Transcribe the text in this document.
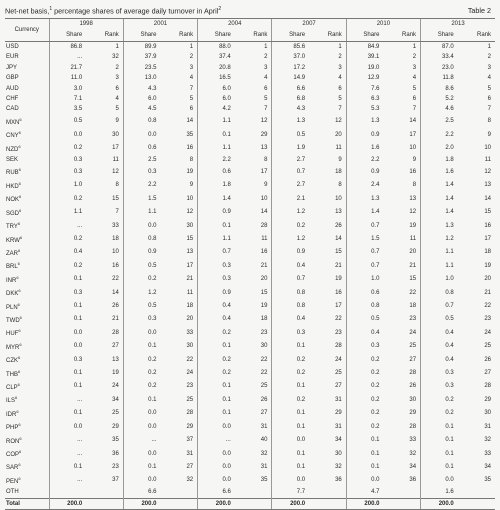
Net-net basis,$^1$ percentage shares of average daily turnover in April$^2$	Table 2
Currency	1998		2001		2004		2007		2010		2013	
	Share	Rank	Share	Rank	Share	Rank	Share	Rank	Share	Rank	Share	Rank
USD	86.8	1	89.9	1	88.0	1	85.6	1	84.9	1	87.0	1
EUR	...	32	37.9	2	37.4	2	37.0	2	39.1	2	33.4	2
JPY	21.7	2	23.5	3	20.8	3	17.2	3	19.0	3	23.0	3
GBP	11.0	3	13.0	4	16.5	4	14.9	4	12.9	4	11.8	4
AUD	3.0	6	4.3	7	6.0	6	6.6	6	7.6	5	8.6	5
CHF	7.1	4	6.0	5	6.0	5	6.8	5	6.3	6	5.2	6
CAD	3.5	5	4.5	6	4.2	7	4.3	7	5.3	7	4.6	7
MXN$^6$	0.5	9	0.8	14	1.1	12	1.3	12	1.3	14	2.5	8
CNY$^6$	0.0	30	0.0	35	0.1	29	0.5	20	0.9	17	2.2	9
NZD$^6$	0.2	17	0.6	16	1.1	13	1.9	11	1.6	10	2.0	10
SEK	0.3	11	2.5	8	2.2	8	2.7	9	2.2	9	1.8	11
RUB$^6$	0.3	12	0.3	19	0.6	17	0.7	18	0.9	16	1.6	12
HKD$^6$	1.0	8	2.2	9	1.8	9	2.7	8	2.4	8	1.4	13
NOK$^6$	0.2	15	1.5	10	1.4	10	2.1	10	1.3	13	1.4	14
SGD$^6$	1.1	7	1.1	12	0.9	14	1.2	13	1.4	12	1.4	15
TRY$^6$	...	33	0.0	30	0.1	28	0.2	26	0.7	19	1.3	16
KRW$^6$	0.2	18	0.8	15	1.1	11	1.2	14	1.5	11	1.2	17
ZAR$^6$	0.4	10	0.9	13	0.7	16	0.9	15	0.7	20	1.1	18
BRL$^6$	0.2	16	0.5	17	0.3	21	0.4	21	0.7	21	1.1	19
INR$^6$	0.1	22	0.2	21	0.3	20	0.7	19	1.0	15	1.0	20
DKK$^6$	0.3	14	1.2	11	0.9	15	0.8	16	0.6	22	0.8	21
PLN$^6$	0.1	26	0.5	18	0.4	19	0.8	17	0.8	18	0.7	22
TWD$^6$	0.1	21	0.3	20	0.4	18	0.4	22	0.5	23	0.5	23
HUF$^6$	0.0	28	0.0	33	0.2	23	0.3	23	0.4	24	0.4	24
MYR$^6$	0.0	27	0.1	30	0.1	30	0.1	28	0.3	25	0.4	25
CZK$^6$	0.3	13	0.2	22	0.2	22	0.2	24	0.2	27	0.4	26
THB$^6$	0.1	19	0.2	24	0.2	22	0.2	25	0.2	28	0.3	27
CLP$^6$	0.1	24	0.2	23	0.1	25	0.1	27	0.2	26	0.3	28
ILS$^6$	...	34	0.1	25	0.1	26	0.2	31	0.2	30	0.2	29
IDR$^6$	0.1	25	0.0	28	0.1	27	0.1	29	0.2	29	0.2	30
PHP$^6$	0.0	29	0.0	29	0.0	31	0.1	31	0.2	28	0.1	31
RON$^6$	...	35	...	37	...	40	0.0	34	0.1	33	0.1	32
COP$^6$	...	36	0.0	31	0.0	32	0.1	30	0.1	32	0.1	33
SAR$^6$	0.1	23	0.1	27	0.0	31	0.1	32	0.1	34	0.1	34
PEN$^6$	...	37	0.0	32	0.0	35	0.0	36	0.0	36	0.0	35
OTH			6.6		6.6		7.7		4.7		1.6	
Total	200.0		200.0		200.0		200.0		200.0		200.0	
